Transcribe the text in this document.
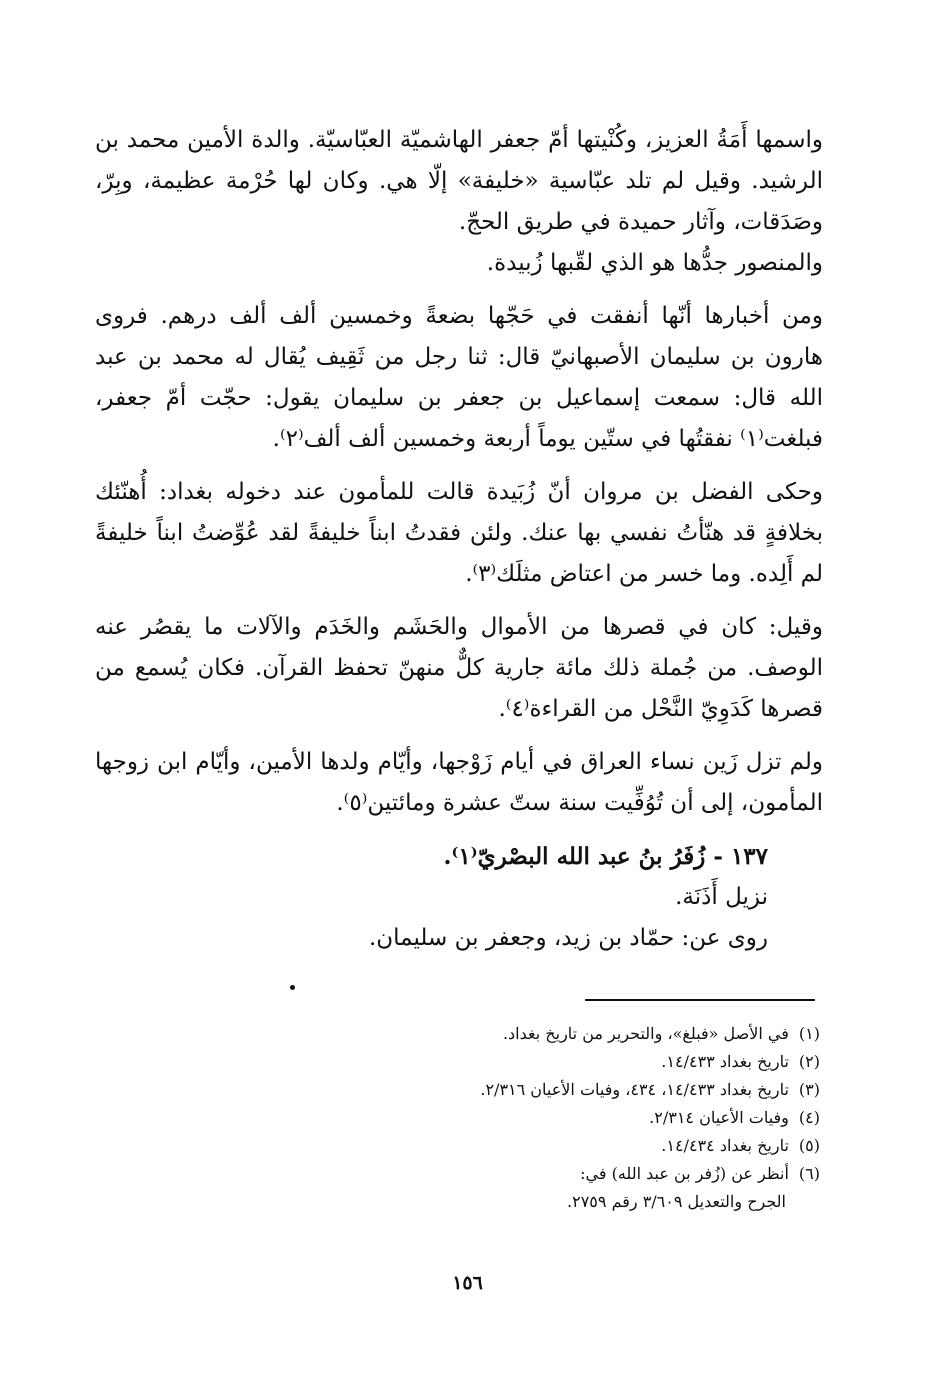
واسمها أَمَةُ العزيز، وكُنْيتها أمّ جعفر الهاشميّة العبّاسيّة. والدة الأمين محمد بن الرشيد. وقيل لم تلد عبّاسية «خليفة» إلّا هي. وكان لها حُرْمة عظيمة، وبِرّ، وصَدَقات، وآثار حميدة في طريق الحجّ.

والمنصور جدُّها هو الذي لقّبها زُبيدة.

ومن أخبارها أنّها أنفقت في حَجّها بضعةً وخمسين ألف ألف درهم. فروى هارون بن سليمان الأصبهانيّ قال: ثنا رجل من ثَقِيف يُقال له محمد بن عبد الله قال: سمعت إسماعيل بن جعفر بن سليمان يقول: حجّت أمّ جعفر، فبلغت⁽١⁾ نفقتُها في ستّين يوماً أربعة وخمسين ألف ألف⁽٢⁾.

وحكى الفضل بن مروان أنّ زُبَيدة قالت للمأمون عند دخوله بغداد: أُهنّئك بخلافةٍ قد هنّأتُ نفسي بها عنك. ولئن فقدتُ ابناً خليفةً لقد عُوِّضتُ ابناً خليفةً لم أَلِده. وما خسر من اعتاض مثلَك⁽٣⁾.

وقيل: كان في قصرها من الأموال والحَشَم والخَدَم والآلات ما يقصُر عنه الوصف. من جُملة ذلك مائة جارية كلٌّ منهنّ تحفظ القرآن. فكان يُسمع من قصرها كَدَوِيّ النَّحْل من القراءة⁽٤⁾.

ولم تزل زَين نساء العراق في أيام زَوْجها، وأيّام ولدها الأمين، وأيّام ابن زوجها المأمون، إلى أن تُوُفِّيت سنة ستّ عشرة ومائتين⁽٥⁾.

١٣٧ - زُفَرُ بنُ عبد الله البصْريّ⁽١⁾.

نزيل أَذَنَة.

روى عن: حمّاد بن زيد، وجعفر بن سليمان.

(١)
في الأصل «فبلغ»، والتحرير من تاريخ بغداد.
(٢)
تاريخ بغداد ١٤/٤٣٣.
(٣)
تاريخ بغداد ١٤/٤٣٣، ٤٣٤، وفيات الأعيان ٢/٣١٦.
(٤)
وفيات الأعيان ٢/٣١٤.
(٥)
تاريخ بغداد ١٤/٤٣٤.
(٦)
أنظر عن (زُفر بن عبد الله) في:
الجرح والتعديل ٣/٦٠٩ رقم ٢٧٥٩.
١٥٦
